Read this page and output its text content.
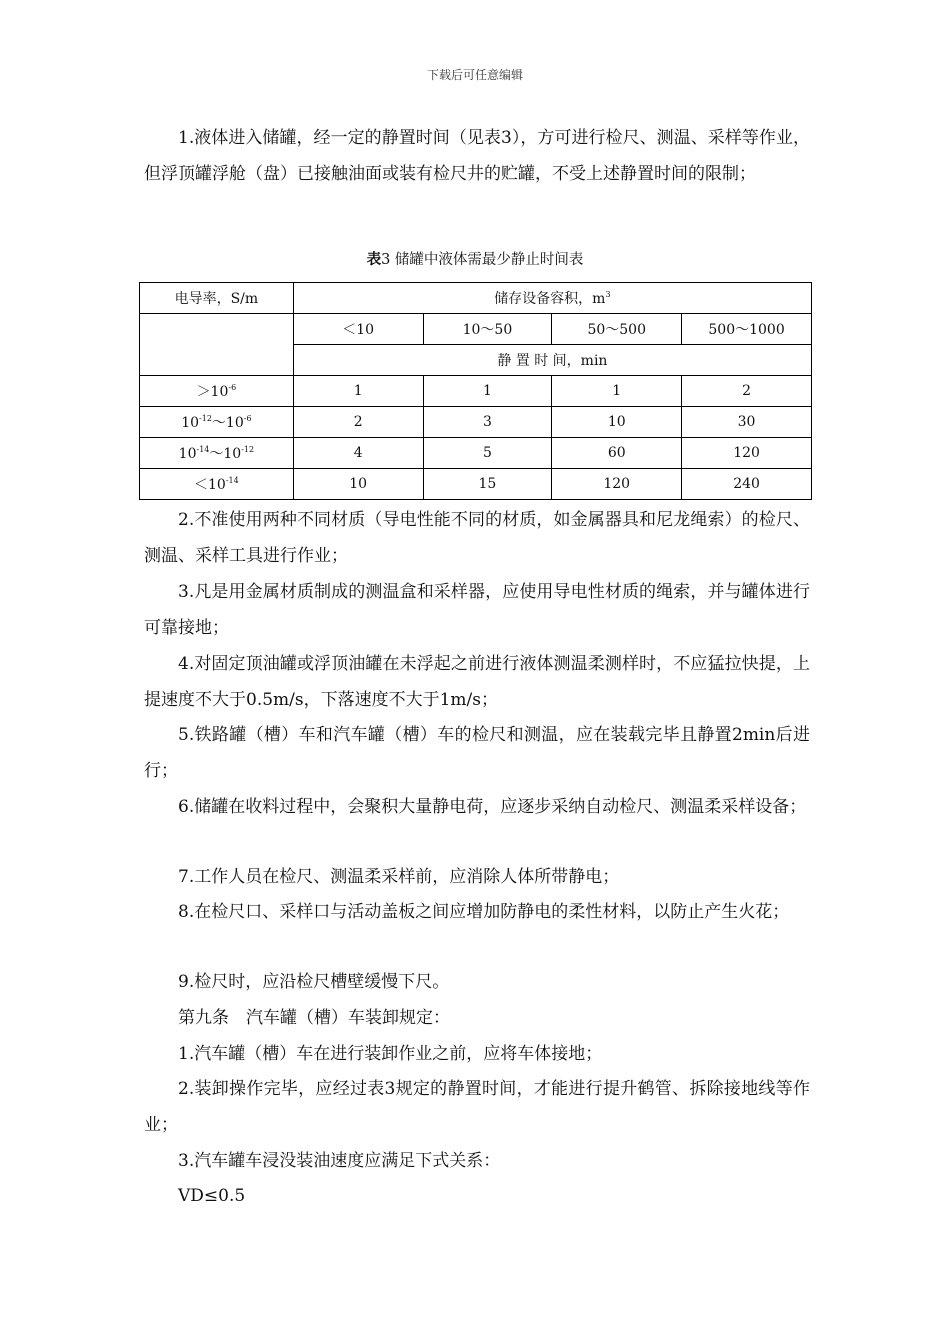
下载后可任意编辑

1.液体进入储罐，经一定的静置时间（见表3），方可进行检尺、测温、采样等作业，但浮顶罐浮舱（盘）已接触油面或装有检尺井的贮罐，不受上述静置时间的限制；

表3 储罐中液体需最少静止时间表
电导率，S/m	储存设备容积，$m^3$
	＜10	10～50	50～500	500～1000
	静 置 时 间，min			
$>10^{-6}$	1	1	1	2
$10^{-12}\sim 10^{-6}$	2	3	10	30
$10^{-14}\sim 10^{-12}$	4	5	60	120
$<10^{-14}$	10	15	120	240

2.不准使用两种不同材质（导电性能不同的材质，如金属器具和尼龙绳索）的检尺、测温、采样工具进行作业；

3.凡是用金属材质制成的测温盒和采样器，应使用导电性材质的绳索，并与罐体进行可靠接地；

4.对固定顶油罐或浮顶油罐在未浮起之前进行液体测温柔测样时，不应猛拉快提，上提速度不大于0.5m/s，下落速度不大于1m/s；

5.铁路罐（槽）车和汽车罐（槽）车的检尺和测温，应在装载完毕且静置2min后进行；

6.储罐在收料过程中，会聚积大量静电荷，应逐步采纳自动检尺、测温柔采样设备；

7.工作人员在检尺、测温柔采样前，应消除人体所带静电；

8.在检尺口、采样口与活动盖板之间应增加防静电的柔性材料，以防止产生火花；

9.检尺时，应沿检尺槽壁缓慢下尺。

第九条　汽车罐（槽）车装卸规定：

1.汽车罐（槽）车在进行装卸作业之前，应将车体接地；

2.装卸操作完毕，应经过表3规定的静置时间，才能进行提升鹤管、拆除接地线等作业；

3.汽车罐车浸没装油速度应满足下式关系：

VD≤0.5
